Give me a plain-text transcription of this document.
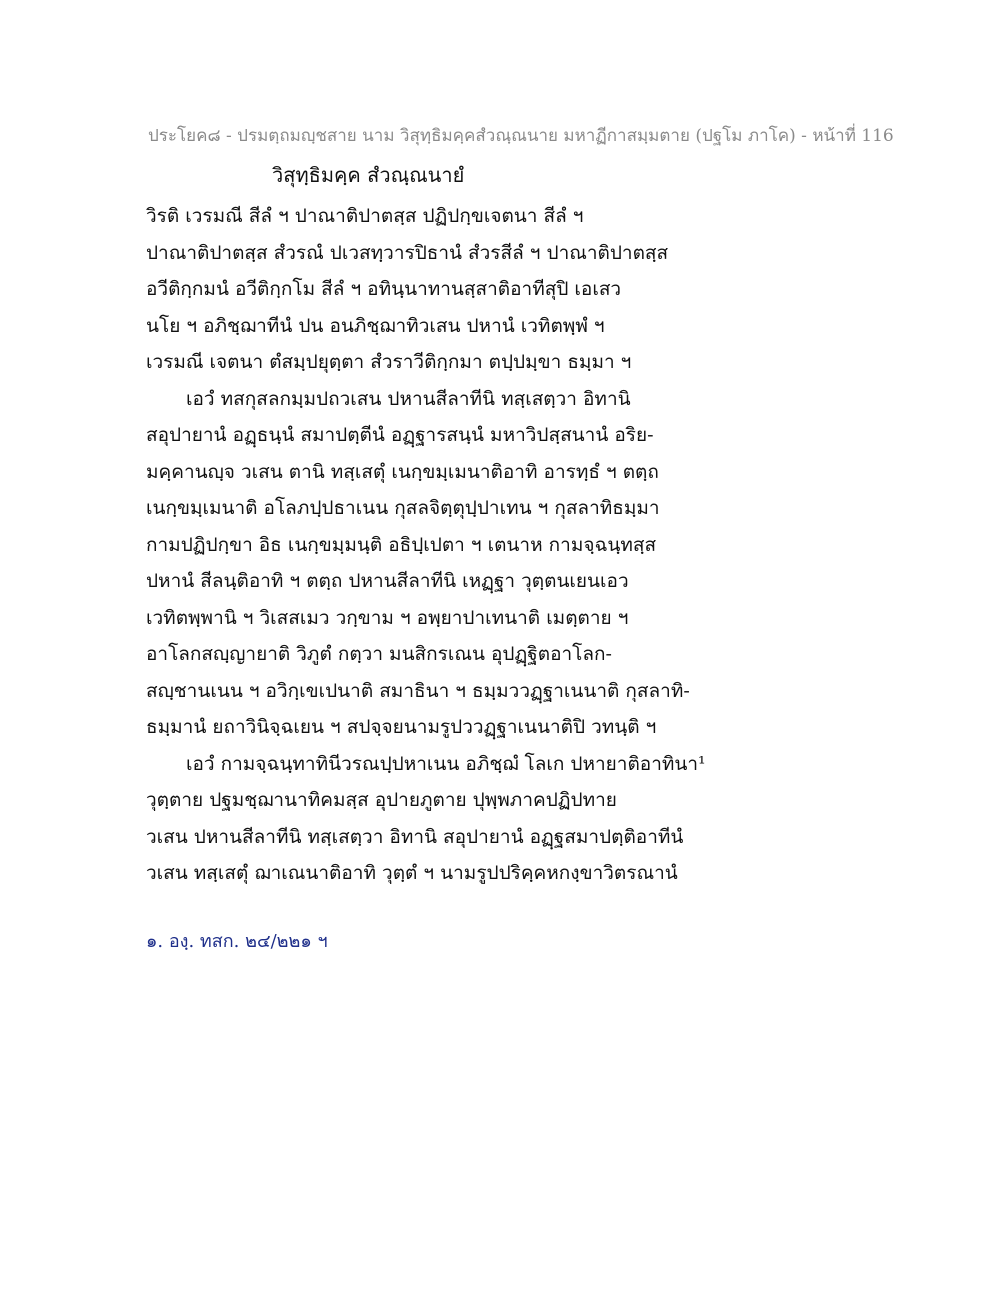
ประโยค๘ - ปรมตฺถมญฺชสาย นาม วิสุทฺธิมคฺคสํวณฺณนาย มหาฏีกาสมฺมตาย (ปฐโม ภาโค) - หน้าที่ 116
วิสุทฺธิมคฺค สํวณฺณนายํ
วิรติ เวรมณี สีลํ ฯ ปาณาติปาตสฺส ปฏิปกฺขเจตนา สีลํ ฯ
ปาณาติปาตสฺส สํวรณํ ปเวสทฺวารปิธานํ สํวรสีลํ ฯ ปาณาติปาตสฺส
อวีติกฺกมนํ อวีติกฺกโม สีลํ ฯ อทินฺนาทานสฺสาติอาทีสุปิ เอเสว
นโย ฯ อภิชฺฌาทีนํ ปน อนภิชฺฌาทิวเสน ปหานํ เวทิตพฺพํ ฯ
เวรมณี เจตนา ตํสมฺปยุตฺตา สํวราวีติกฺกมา ตปฺปมฺขา ธมฺมา ฯ
เอวํ ทสกุสลกมฺมปถวเสน ปหานสีลาทีนิ ทสฺเสตฺวา อิทานิ
สอุปายานํ อฏฺธนฺนํ สมาปตฺตีนํ อฏฺฐารสนฺนํ มหาวิปสฺสนานํ อริย-
มคฺคานญฺจ วเสน ตานิ ทสฺเสตุํ เนกฺขมฺเมนาติอาทิ อารทฺธํ ฯ ตตฺถ
เนกฺขมฺเมนาติ อโลภปฺปธาเนน กุสลจิตฺตุปฺปาเทน ฯ กุสลาทิธมฺมา
กามปฏิปกฺขา อิธ เนกฺขมฺมนฺติ อธิปฺเปตา ฯ เตนาห กามจฺฉนฺทสฺส
ปหานํ สีลนฺติอาทิ ฯ ตตฺถ ปหานสีลาทีนิ เหฏฺฐา วุตฺตนเยนเอว
เวทิตพฺพานิ ฯ วิเสสเมว วกฺขาม ฯ อพฺยาปาเทนาติ เมตฺตาย ฯ
อาโลกสญฺญายาติ วิภูตํ กตฺวา มนสิกรเณน อุปฏฺฐิตอาโลก-
สญฺชานเนน ฯ อวิกฺเขเปนาติ สมาธินา ฯ ธมฺมววฏฺฐาเนนาติ กุสลาทิ-
ธมฺมานํ ยถาวินิจฺฉเยน ฯ สปจฺจยนามรูปววฏฺฐาเนนาติปิ วทนฺติ ฯ
เอวํ กามจฺฉนฺทาทินีวรณปฺปหาเนน อภิชฺฌํ โลเก ปหายาติอาทินา¹
วุตฺตาย ปฐมชฺฌานาทิคมสฺส อุปายภูตาย ปุพฺพภาคปฏิปทาย
วเสน ปหานสีลาทีนิ ทสฺเสตฺวา อิทานิ สอุปายานํ อฏฺฐสมาปตฺติอาทีนํ
วเสน ทสฺเสตุํ ฌาเณนาติอาทิ วุตฺตํ ฯ นามรูปปริคฺคหกงฺขาวิตรณานํ
๑. องฺ. ทสก. ๒๔/๒๒๑ ฯ
